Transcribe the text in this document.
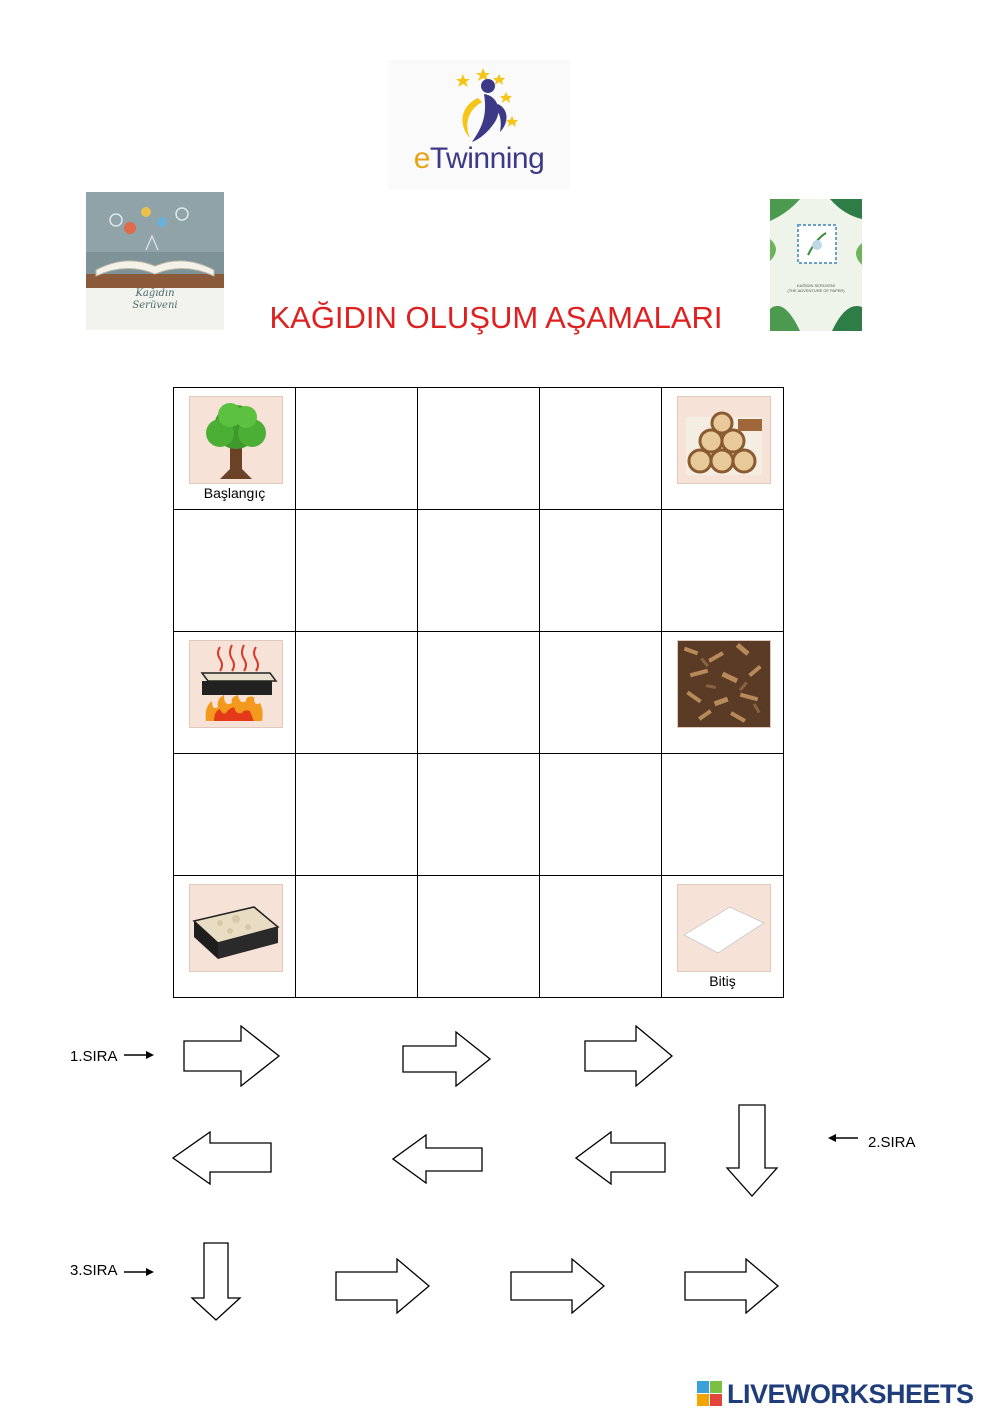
eTwinning
Kağıdın
Serüveni
KAĞIDIN SERÜVENİ
(THE ADVENTURE OF PAPER)
KAĞIDIN OLUŞUM AŞAMALARI
Başlangıç

Bitiş
1.SIRA
2.SIRA
3.SIRA
LIVEWORKSHEETS
